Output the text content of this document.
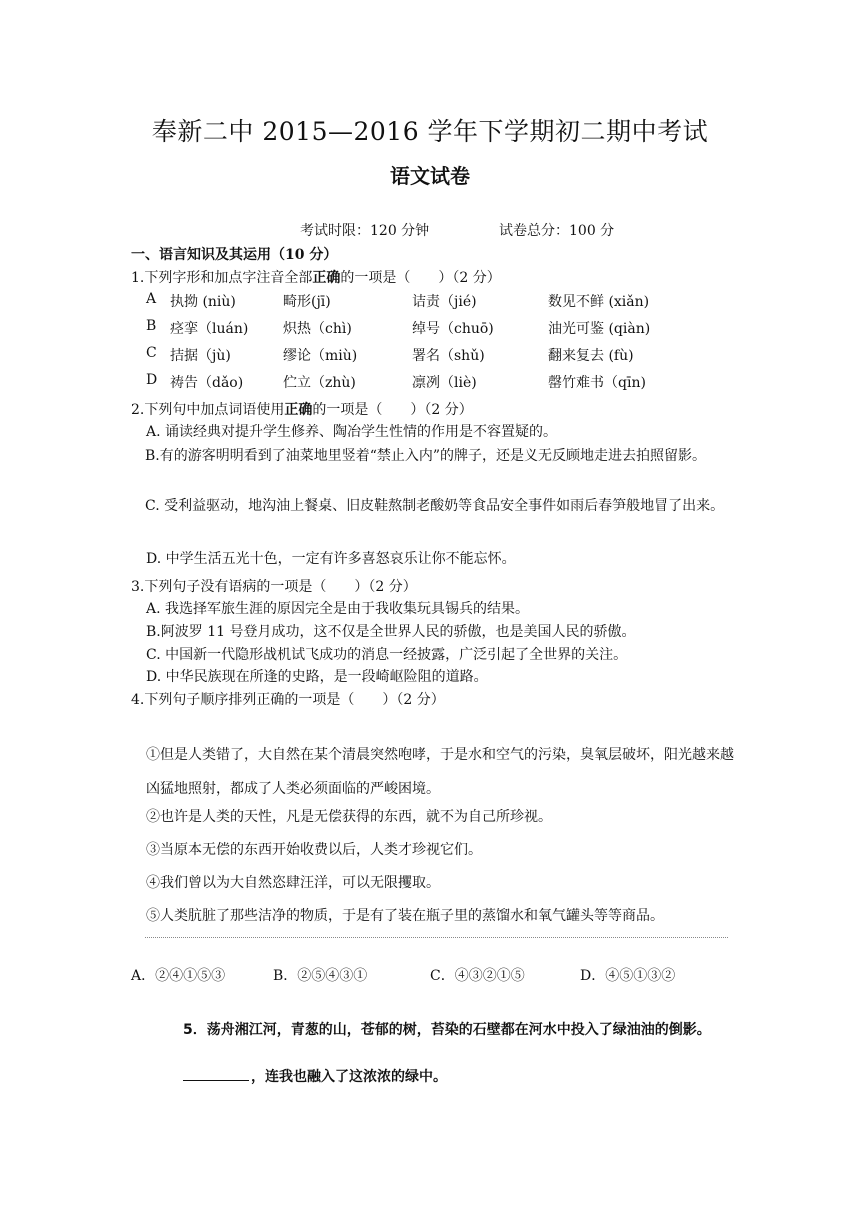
奉新二中 2015—2016 学年下学期初二期中考试
语文试卷
考试时限：120 分钟	试卷总分：100 分
一、语言知识及其运用（10 分）
1.下列字形和加点字注音全部正确的一项是（　　）（2 分）
A 执拗 (niù)	畸形(jī)	诘责（jié)	数见不鲜 (xiǎn)
B 痉挛（luán) 炽热（chì)	绰号（chuō)	油光可鉴 (qiàn)
C 拮据（jù)	缪论（miù)	署名（shǔ)	翻来复去 (fù)
D 祷告（dǎo)	伫立（zhù)	凛冽（liè)	罄竹难书（qīn)
2.下列句中加点词语使用正确的一项是（　　）（2 分）
A. 诵读经典对提升学生修养、陶冶学生性情的作用是不容置疑的。
B.有的游客明明看到了油菜地里竖着“禁止入内”的牌子，还是义无反顾地走进去拍照留影。
C. 受利益驱动，地沟油上餐桌、旧皮鞋熬制老酸奶等食品安全事件如雨后春笋般地冒了出来。
D. 中学生活五光十色，一定有许多喜怒哀乐让你不能忘怀。
3.下列句子没有语病的一项是（　　）（2 分）
A. 我选择军旅生涯的原因完全是由于我收集玩具锡兵的结果。
B.阿波罗 11 号登月成功，这不仅是全世界人民的骄傲，也是美国人民的骄傲。
C. 中国新一代隐形战机试飞成功的消息一经披露，广泛引起了全世界的关注。
D. 中华民族现在所逢的史路，是一段崎岖险阻的道路。
4.下列句子顺序排列正确的一项是（　　）（2 分）
①但是人类错了，大自然在某个清晨突然咆哮，于是水和空气的污染，臭氧层破坏，阳光越来越凶猛地照射，都成了人类必须面临的严峻困境。
②也许是人类的天性，凡是无偿获得的东西，就不为自己所珍视。
③当原本无偿的东西开始收费以后，人类才珍视它们。
④我们曾以为大自然恣肆汪洋，可以无限攫取。
⑤人类肮脏了那些洁净的物质，于是有了装在瓶子里的蒸馏水和氧气罐头等等商品。
A．②④①⑤③	B．②⑤④③①	C．④③②①⑤	D．④⑤①③②
5．荡舟湘江河，青葱的山，苍郁的树，苔染的石壁都在河水中投入了绿油油的倒影。
，连我也融入了这浓浓的绿中。
